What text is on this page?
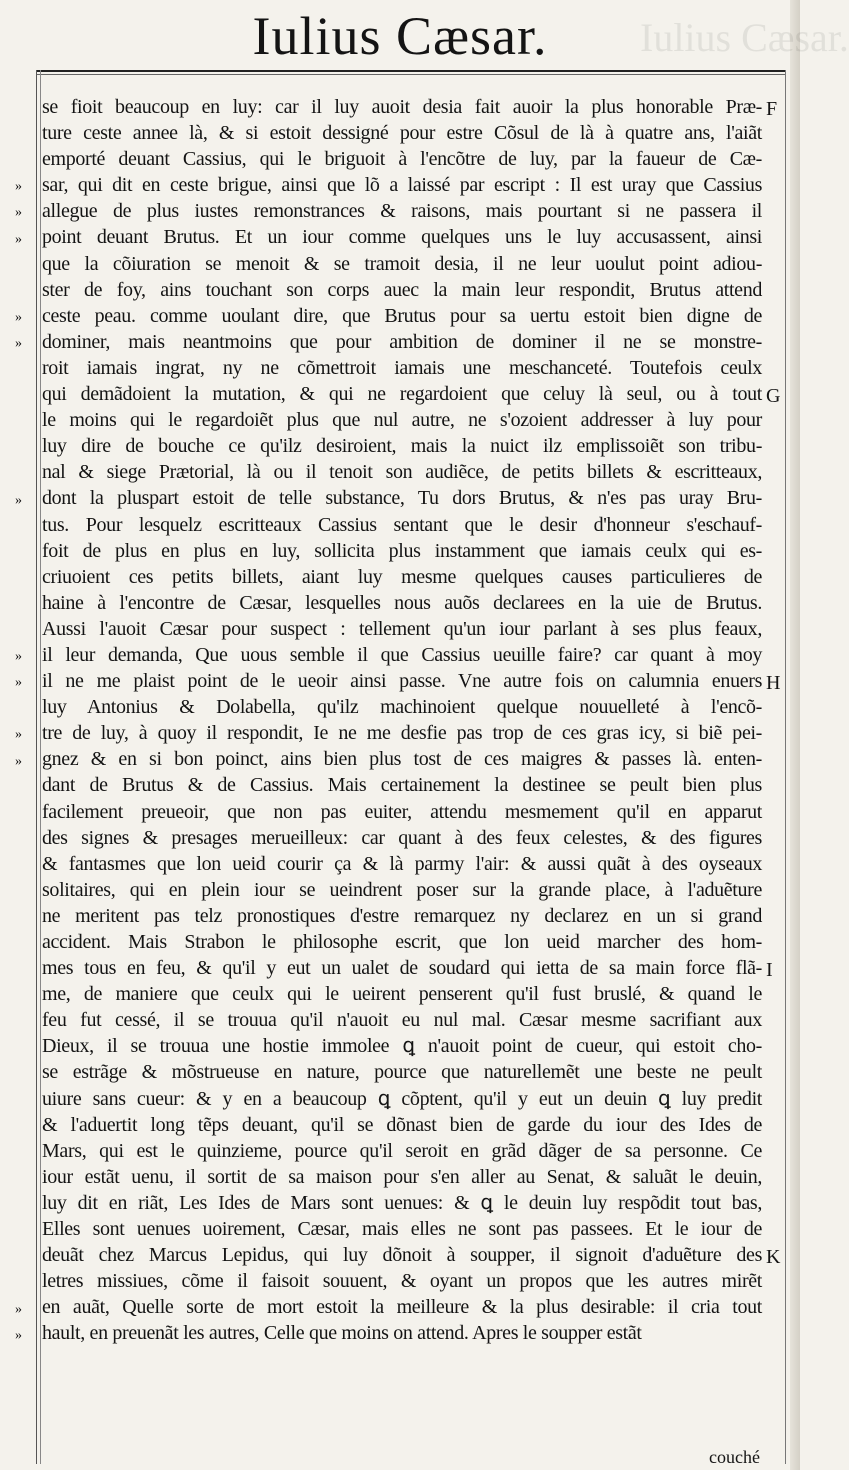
Iulius Cæsar.
Iulius Cæsar.
se fioit beaucoup en luy: car il luy auoit desia fait auoir la plus honorable Præ-
ture ceste annee là, & si estoit dessigné pour estre Cõsul de là à quatre ans, l'aiãt
emporté deuant Cassius, qui le briguoit à l'encõtre de luy, par la faueur de Cæ-
sar, qui dit en ceste brigue, ainsi que lõ a laissé par escript : Il est uray que Cassius
allegue de plus iustes remonstrances & raisons, mais pourtant si ne passera il
point deuant Brutus. Et un iour comme quelques uns le luy accusassent, ainsi
que la cõiuration se menoit & se tramoit desia, il ne leur uoulut point adiou-
ster de foy, ains touchant son corps auec la main leur respondit, Brutus attend
ceste peau. comme uoulant dire, que Brutus pour sa uertu estoit bien digne de
dominer, mais neantmoins que pour ambition de dominer il ne se monstre-
roit iamais ingrat, ny ne cõmettroit iamais une meschanceté. Toutefois ceulx
qui demãdoient la mutation, & qui ne regardoient que celuy là seul, ou à tout
le moins qui le regardoiẽt plus que nul autre, ne s'ozoient addresser à luy pour
luy dire de bouche ce qu'ilz desiroient, mais la nuict ilz emplissoiẽt son tribu-
nal & siege Prætorial, là ou il tenoit son audiẽce, de petits billets & escritteaux,
dont la pluspart estoit de telle substance, Tu dors Brutus, & n'es pas uray Bru-
tus. Pour lesquelz escritteaux Cassius sentant que le desir d'honneur s'eschauf-
foit de plus en plus en luy, sollicita plus instamment que iamais ceulx qui es-
criuoient ces petits billets, aiant luy mesme quelques causes particulieres de
haine à l'encontre de Cæsar, lesquelles nous auõs declarees en la uie de Brutus.
Aussi l'auoit Cæsar pour suspect : tellement qu'un iour parlant à ses plus feaux,
il leur demanda, Que uous semble il que Cassius ueuille faire? car quant à moy
il ne me plaist point de le ueoir ainsi passe. Vne autre fois on calumnia enuers
luy Antonius & Dolabella, qu'ilz machinoient quelque nouuelleté à l'encõ-
tre de luy, à quoy il respondit, Ie ne me desfie pas trop de ces gras icy, si biẽ pei-
gnez & en si bon poinct, ains bien plus tost de ces maigres & passes là. enten-
dant de Brutus & de Cassius. Mais certainement la destinee se peult bien plus
facilement preueoir, que non pas euiter, attendu mesmement qu'il en apparut
des signes & presages merueilleux: car quant à des feux celestes, & des figures
& fantasmes que lon ueid courir ça & là parmy l'air: & aussi quãt à des oyseaux
solitaires, qui en plein iour se ueindrent poser sur la grande place, à l'aduẽture
ne meritent pas telz pronostiques d'estre remarquez ny declarez en un si grand
accident. Mais Strabon le philosophe escrit, que lon ueid marcher des hom-
mes tous en feu, & qu'il y eut un ualet de soudard qui ietta de sa main force flã-
me, de maniere que ceulx qui le ueirent penserent qu'il fust bruslé, & quand le
feu fut cessé, il se trouua qu'il n'auoit eu nul mal. Cæsar mesme sacrifiant aux
Dieux, il se trouua une hostie immolee ꝗ n'auoit point de cueur, qui estoit cho-
se estrãge & mõstrueuse en nature, pource que naturellemẽt une beste ne peult
uiure sans cueur: & y en a beaucoup ꝗ cõptent, qu'il y eut un deuin ꝗ luy predit
& l'aduertit long tẽps deuant, qu'il se dõnast bien de garde du iour des Ides de
Mars, qui est le quinzieme, pource qu'il seroit en grãd dãger de sa personne. Ce
iour estãt uenu, il sortit de sa maison pour s'en aller au Senat, & saluãt le deuin,
luy dit en riãt, Les Ides de Mars sont uenues: & ꝗ le deuin luy respõdit tout bas,
Elles sont uenues uoirement, Cæsar, mais elles ne sont pas passees. Et le iour de
deuãt chez Marcus Lepidus, qui luy dõnoit à soupper, il signoit d'aduẽture des
letres missiues, cõme il faisoit souuent, & oyant un propos que les autres mirẽt
en auãt, Quelle sorte de mort estoit la meilleure & la plus desirable: il cria tout
hault, en preuenãt les autres, Celle que moins on attend. Apres le soupper estãt
»
»
»
»
»
»
»
»
»
»
»
»
F
G
H
I
K
couché
